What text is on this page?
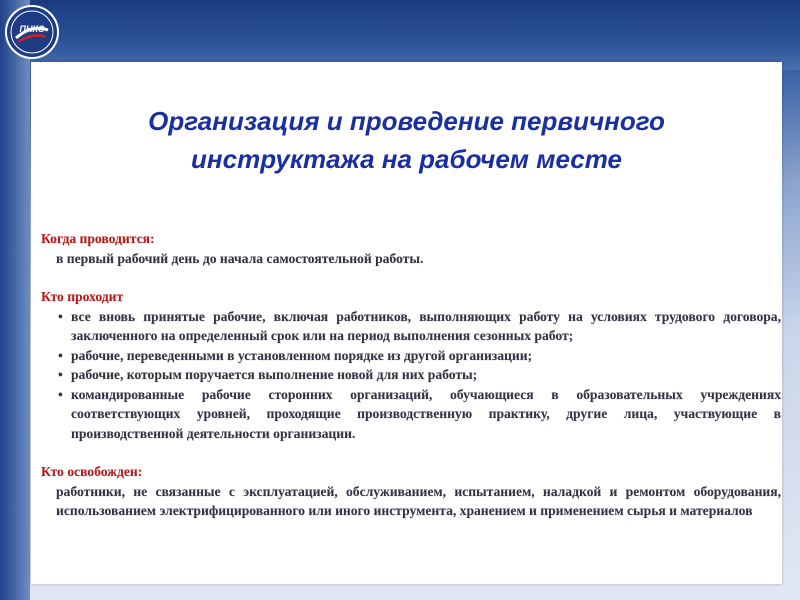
ПНКС
Организация и проведение первичного
инструктажа на рабочем месте

Когда проводится:

в первый рабочий день до начала самостоятельной работы.

Кто проходит

• все вновь принятые рабочие, включая работников, выполняющих работу на условиях трудового договора, заключенного на определенный срок или на период выполнения сезонных работ;
• рабочие, переведенными в установленном порядке из другой организации;
• рабочие, которым поручается выполнение новой для них работы;
• командированные рабочие сторонних организаций, обучающиеся в образовательных учреждениях соответствующих уровней, проходящие производственную практику, другие лица, участвующие в производственной деятельности организации.

Кто освобожден:

работники, не связанные с эксплуатацией, обслуживанием, испытанием, наладкой и ремонтом оборудования, использованием электрифицированного или иного инструмента, хранением и применением сырья и материалов
